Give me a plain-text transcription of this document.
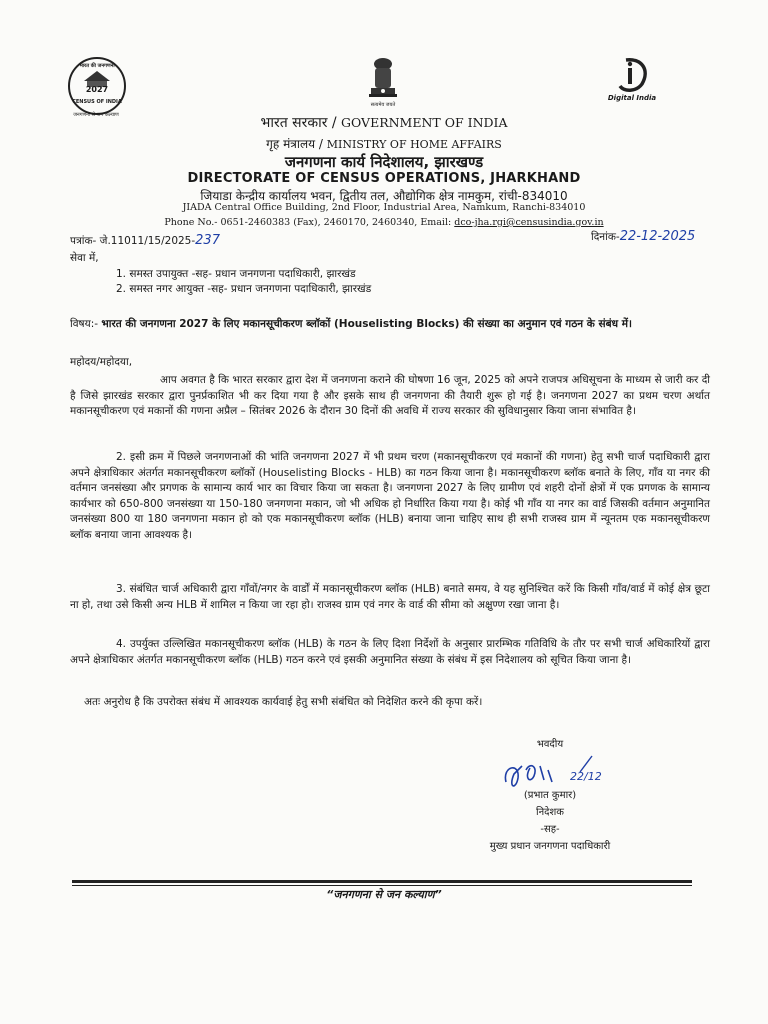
भारत की जनगणना
2027
CENSUS OF INDIA
जनगणना से जन कल्याण
सत्यमेव जयते
Digital India
भारत सरकार / GOVERNMENT OF INDIA
गृह मंत्रालय / MINISTRY OF HOME AFFAIRS
जनगणना कार्य निदेशालय, झारखण्ड
DIRECTORATE OF CENSUS OPERATIONS, JHARKHAND
जियाडा केन्द्रीय कार्यालय भवन, द्वितीय तल, औद्योगिक क्षेत्र नामकुम, रांची-834010
JIADA Central Office Building, 2nd Floor, Industrial Area, Namkum, Ranchi-834010
Phone No.- 0651-2460383 (Fax), 2460170, 2460340, Email: dco-jha.rgi@censusindia.gov.in
पत्रांक- जे.11011/15/2025-237	दिनांक-22-12-2025
सेवा में,
1. समस्त उपायुक्त -सह- प्रधान जनगणना पदाधिकारी, झारखंड
2. समस्त नगर आयुक्त -सह- प्रधान जनगणना पदाधिकारी, झारखंड
विषय:- भारत की जनगणना 2027 के लिए मकानसूचीकरण ब्लॉकों (Houselisting Blocks) की संख्या का अनुमान एवं गठन के संबंध में।
महोदय/महोदया,
आप अवगत है कि भारत सरकार द्वारा देश में जनगणना कराने की घोषणा 16 जून, 2025 को अपने राजपत्र अधिसूचना के माध्यम से जारी कर दी है जिसे झारखंड सरकार द्वारा पुनर्प्रकाशित भी कर दिया गया है और इसके साथ ही जनगणना की तैयारी शुरू हो गई है। जनगणना 2027 का प्रथम चरण अर्थात मकानसूचीकरण एवं मकानों की गणना अप्रैल – सितंबर 2026 के दौरान 30 दिनों की अवधि में राज्य सरकार की सुविधानुसार किया जाना संभावित है।
2. इसी क्रम में पिछले जनगणनाओं की भांति जनगणना 2027 में भी प्रथम चरण (मकानसूचीकरण एवं मकानों की गणना) हेतु सभी चार्ज पदाधिकारी द्वारा अपने क्षेत्राधिकार अंतर्गत मकानसूचीकरण ब्लॉकों (Houselisting Blocks - HLB) का गठन किया जाना है। मकानसूचीकरण ब्लॉक बनाते के लिए, गाँव या नगर की वर्तमान जनसंख्या और प्रगणक के सामान्य कार्य भार का विचार किया जा सकता है। जनगणना 2027 के लिए ग्रामीण एवं शहरी दोनों क्षेत्रों में एक प्रगणक के सामान्य कार्यभार को 650-800 जनसंख्या या 150-180 जनगणना मकान, जो भी अधिक हो निर्धारित किया गया है। कोई भी गाँव या नगर का वार्ड जिसकी वर्तमान अनुमानित जनसंख्या 800 या 180 जनगणना मकान हो को एक मकानसूचीकरण ब्लॉक (HLB) बनाया जाना चाहिए साथ ही सभी राजस्व ग्राम में न्यूनतम एक मकानसूचीकरण ब्लॉक बनाया जाना आवश्यक है।
3. संबंधित चार्ज अधिकारी द्वारा गाँवों/नगर के वार्डों में मकानसूचीकरण ब्लॉक (HLB) बनाते समय, वे यह सुनिश्चित करें कि किसी गाँव/वार्ड में कोई क्षेत्र छूटा ना हो, तथा उसे किसी अन्य HLB में शामिल न किया जा रहा हो। राजस्व ग्राम एवं नगर के वार्ड की सीमा को अक्षुण्ण रखा जाना है।
4. उपर्युक्त उल्लिखित मकानसूचीकरण ब्लॉक (HLB) के गठन के लिए दिशा निर्देशों के अनुसार प्रारम्भिक गतिविधि के तौर पर सभी चार्ज अधिकारियों द्वारा अपने क्षेत्राधिकार अंतर्गत मकानसूचीकरण ब्लॉक (HLB) गठन करने एवं इसकी अनुमानित संख्या के संबंध में इस निदेशालय को सूचित किया जाना है।
अतः अनुरोध है कि उपरोक्त संबंध में आवश्यक कार्यवाई हेतु सभी संबंधित को निदेशित करने की कृपा करें।
22/12
भवदीय
(प्रभात कुमार)
निदेशक
-सह-
मुख्य प्रधान जनगणना पदाधिकारी
“जनगणना से जन कल्याण”
